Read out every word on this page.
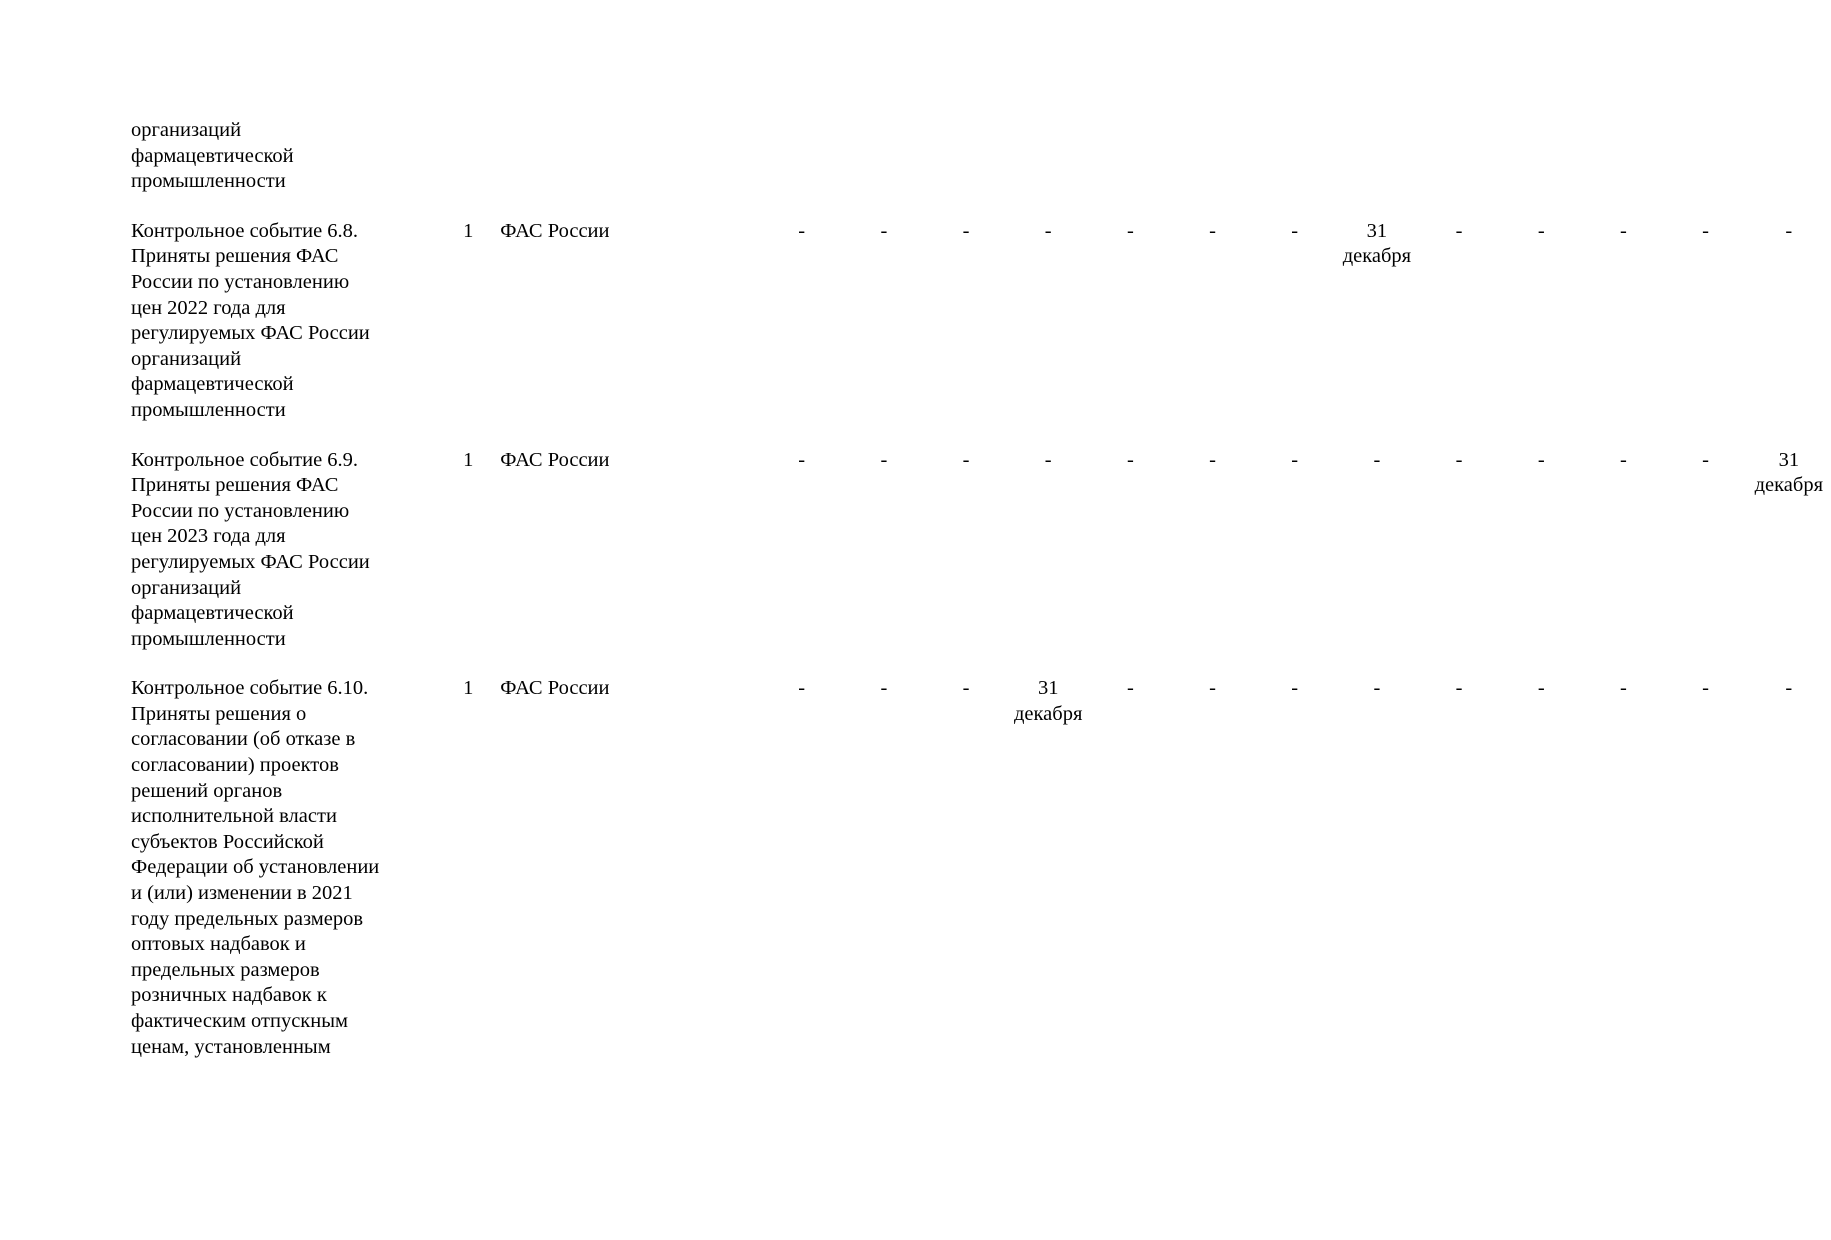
организаций
фармацевтической
промышленности															

Контрольное событие 6.8.
Приняты решения ФАС
России по установлению
цен 2022 года для
регулируемых ФАС России
организаций
фармацевтической
промышленности
	1	ФАС России	-	-	-	-	-	-	-	31 декабря	-	-	-	-	-

Контрольное событие 6.9.
Приняты решения ФАС
России по установлению
цен 2023 года для
регулируемых ФАС России
организаций
фармацевтической
промышленности
	1	ФАС России	-	-	-	-	-	-	-	-	-	-	-	-	31 декабря

Контрольное событие 6.10.
Приняты решения о
согласовании (об отказе в
согласовании) проектов
решений органов
исполнительной власти
субъектов Российской
Федерации об установлении
и (или) изменении в 2021
году предельных размеров
оптовых надбавок и
предельных размеров
розничных надбавок к
фактическим отпускным
ценам, установленным
	1	ФАС России	-	-	-	31 декабря	-	-	-	-	-	-	-	-	-
